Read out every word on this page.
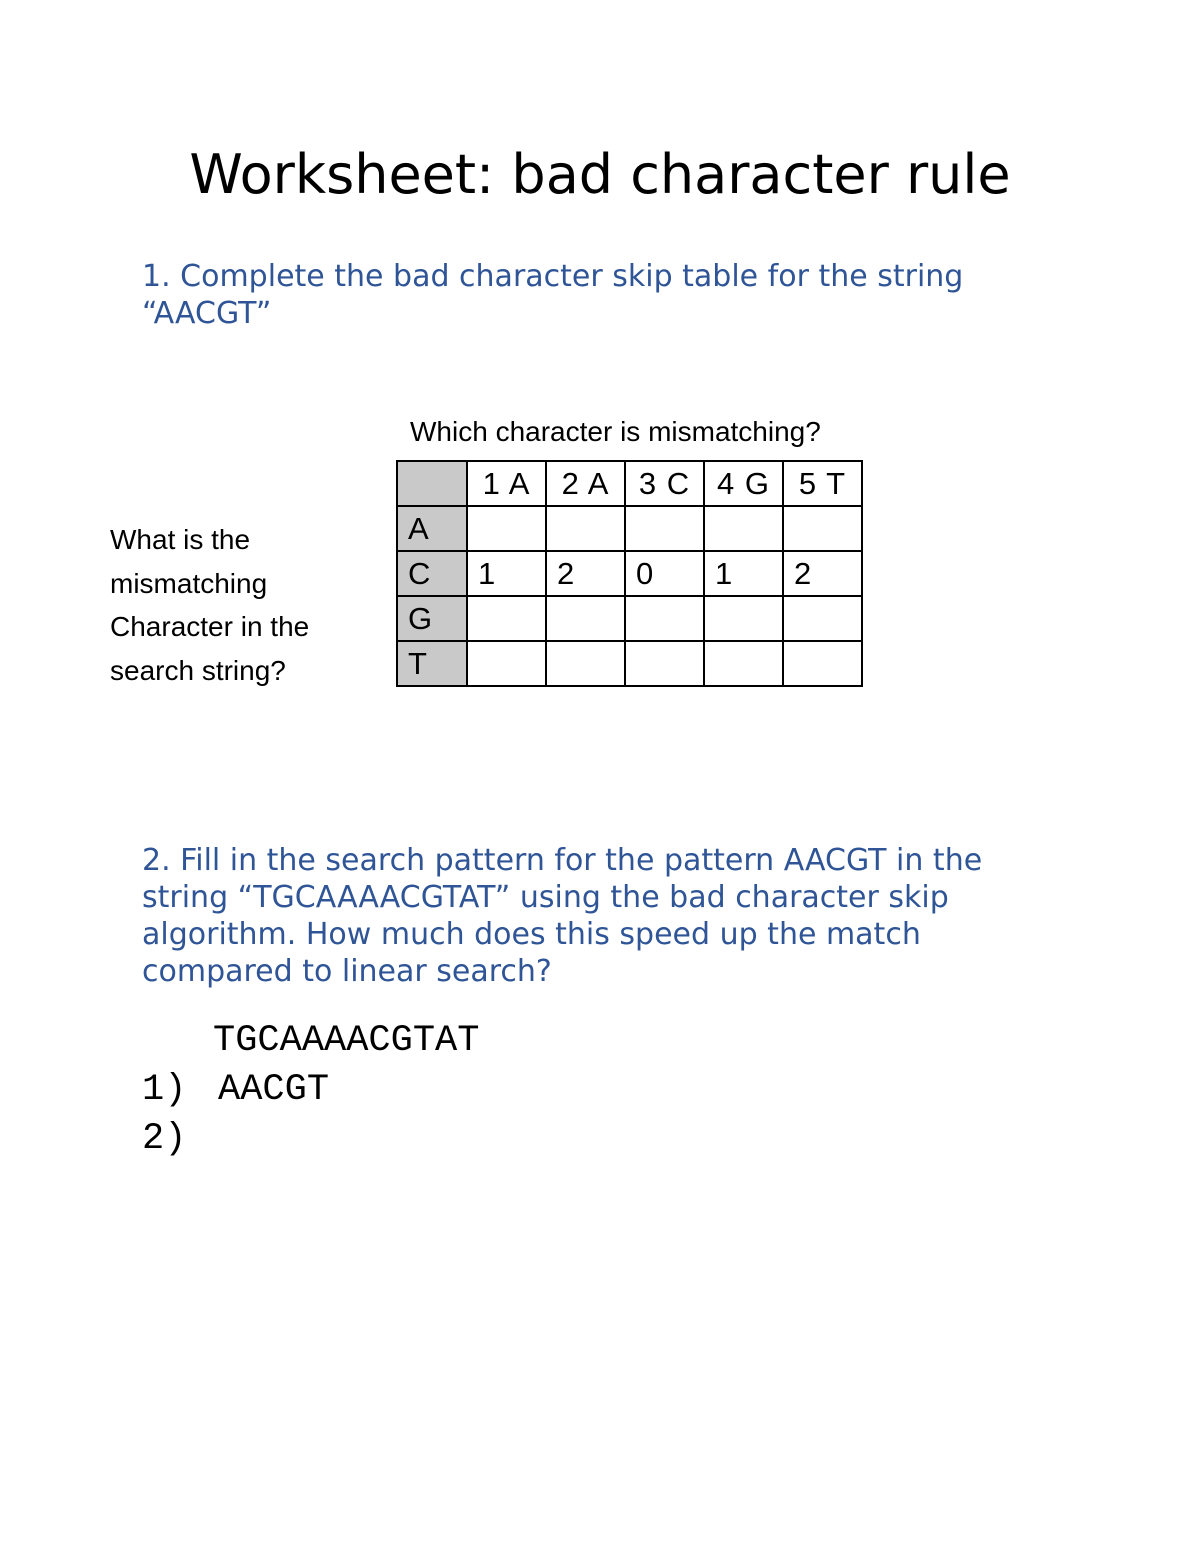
Worksheet: bad character rule

1. Complete the bad character skip table for the string “AACGT”

Which character is mismatching?
What is the mismatching Character in the search string?
	1 A	2 A	3 C	4 G	5 T
A					
C	1	2	0	1	2
G					
T					

2. Fill in the search pattern for the pattern AACGT in the string “TGCAAAACGTAT” using the bad character skip algorithm. How much does this speed up the match compared to linear search?

TGCAAAACGTAT
1) AACGT
2)
